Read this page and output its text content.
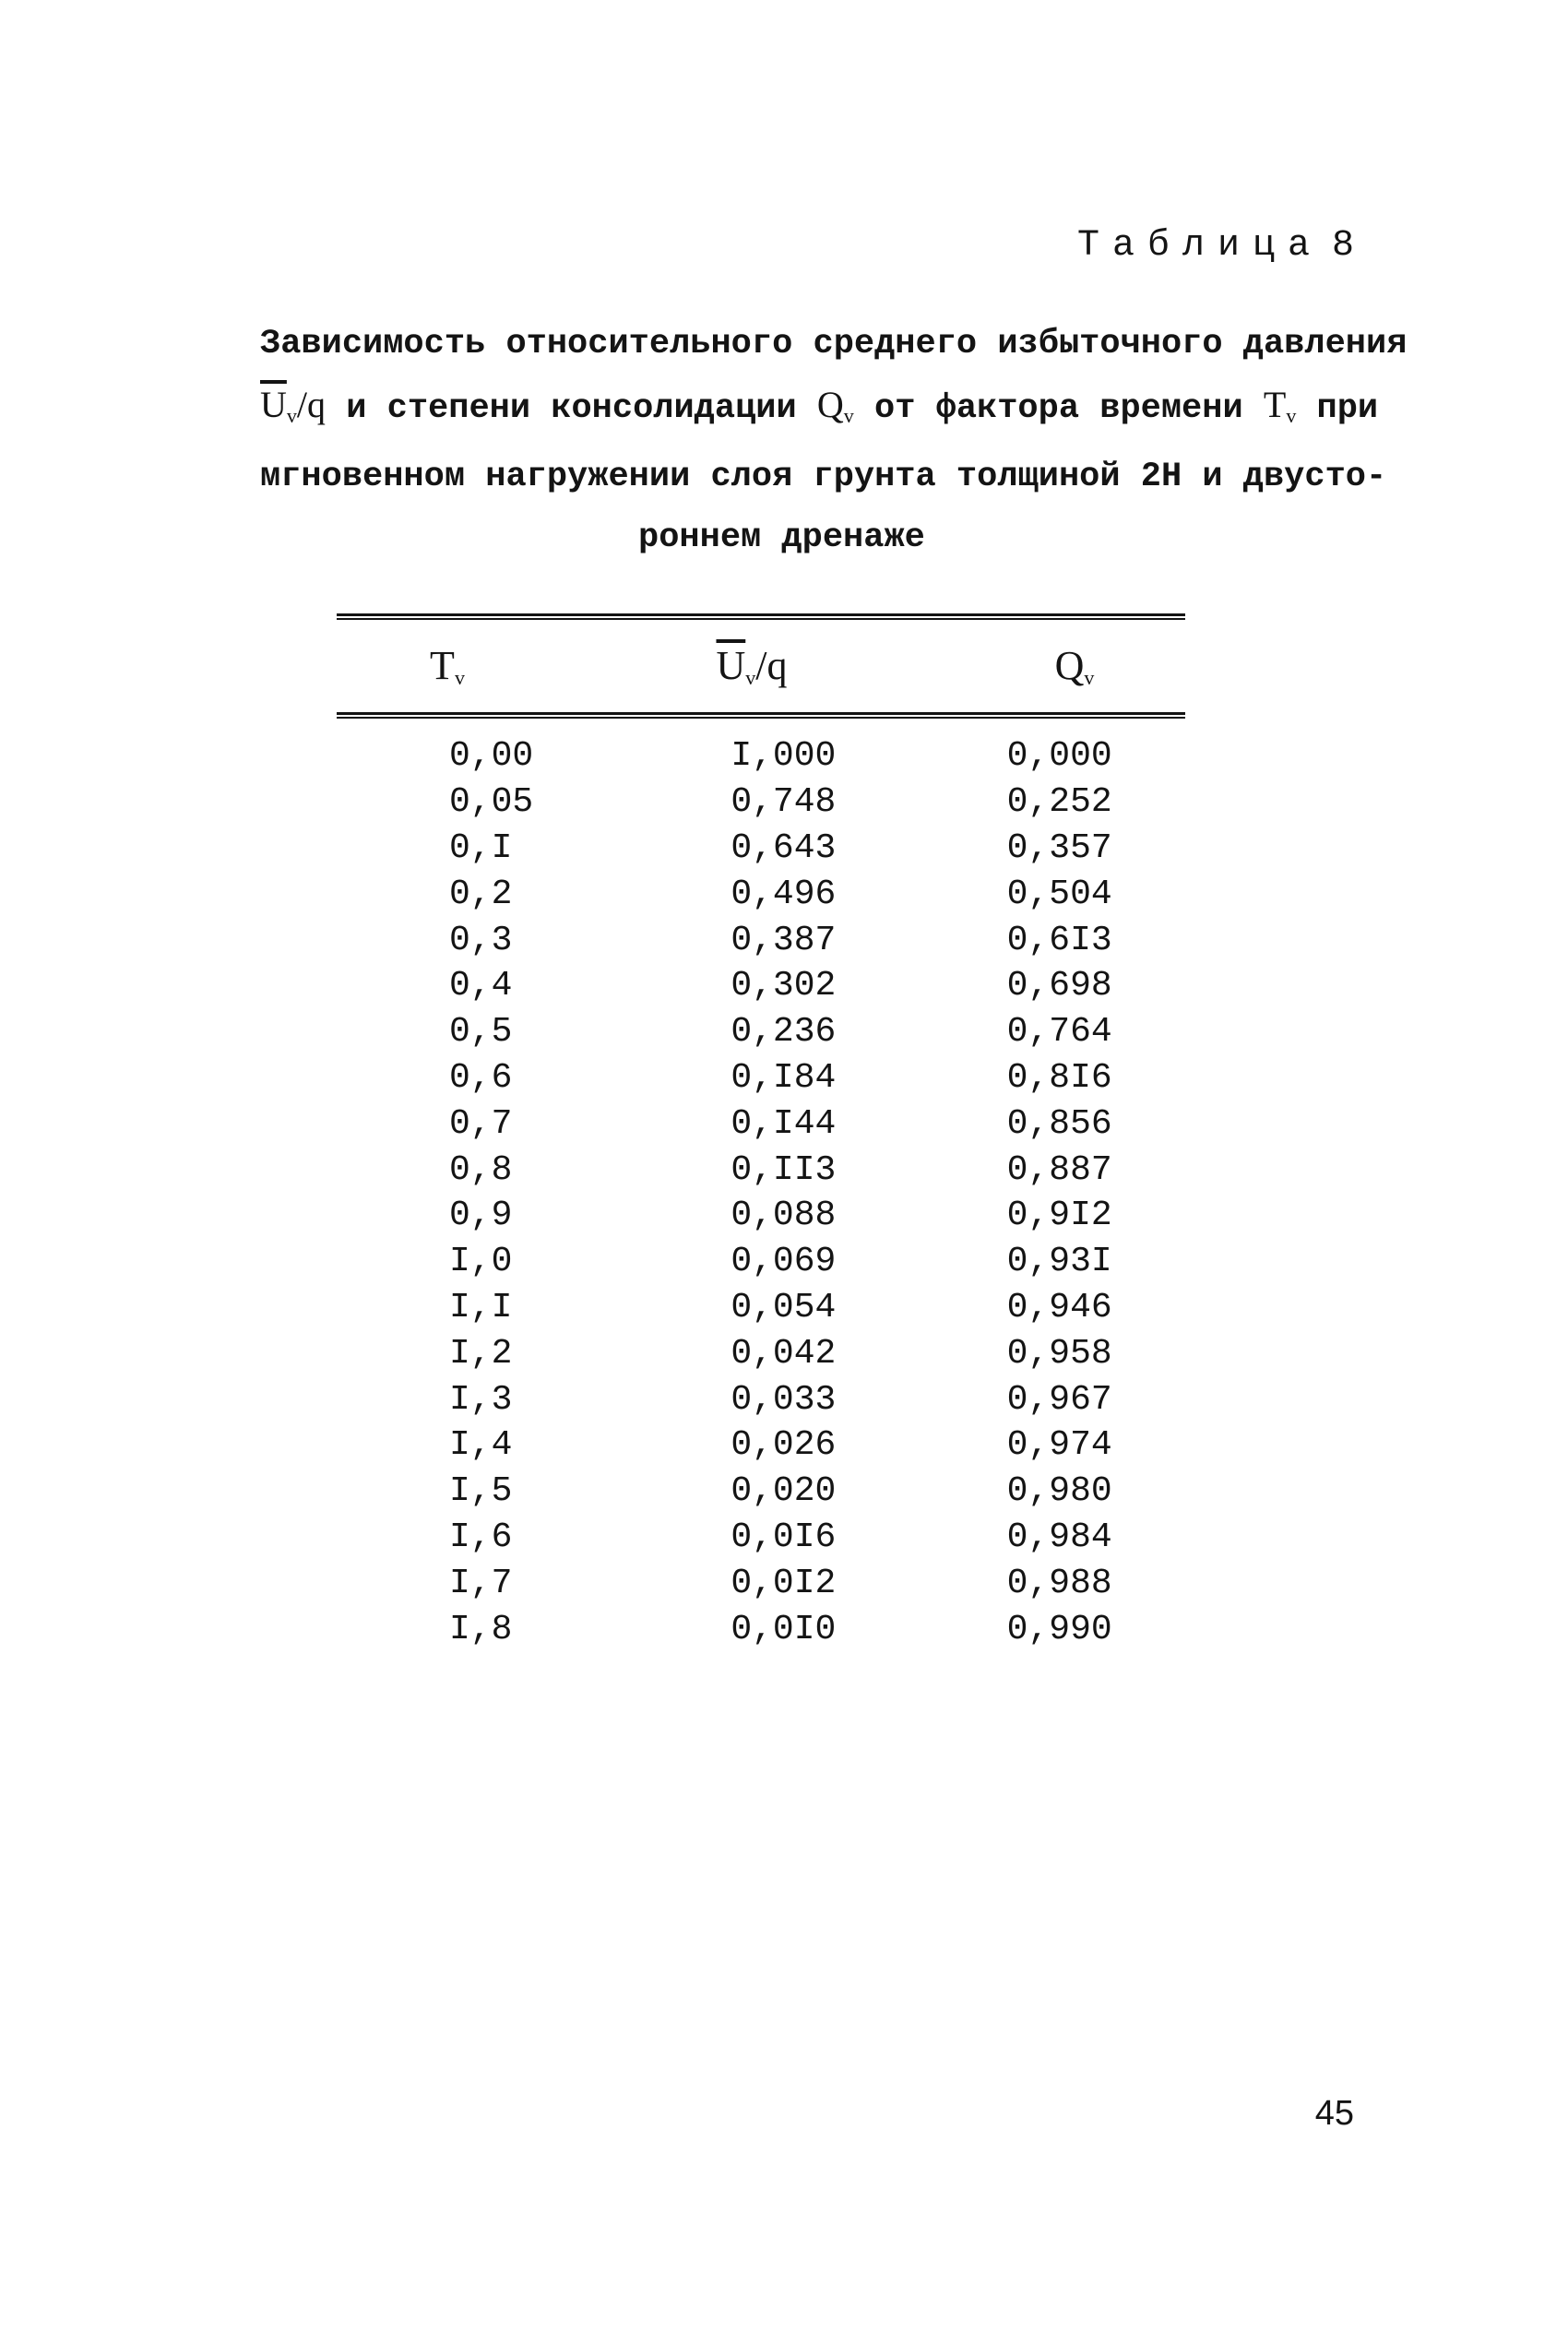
Таблица 8
Зависимость относительного среднего избыточного давления
$\overline{U}_v/q$ и степени консолидации $Q_v$ от фактора времени $T_v$ при
мгновенном нагружении слоя грунта толщиной 2H и двусто-
роннем дренаже
$T_v$	$\overline{U}_v/q$	$Q_v$
0,00	I,000	0,000
0,05	0,748	0,252
0,I	0,643	0,357
0,2	0,496	0,504
0,3	0,387	0,6I3
0,4	0,302	0,698
0,5	0,236	0,764
0,6	0,I84	0,8I6
0,7	0,I44	0,856
0,8	0,II3	0,887
0,9	0,088	0,9I2
I,0	0,069	0,93I
I,I	0,054	0,946
I,2	0,042	0,958
I,3	0,033	0,967
I,4	0,026	0,974
I,5	0,020	0,980
I,6	0,0I6	0,984
I,7	0,0I2	0,988
I,8	0,0I0	0,990
45
